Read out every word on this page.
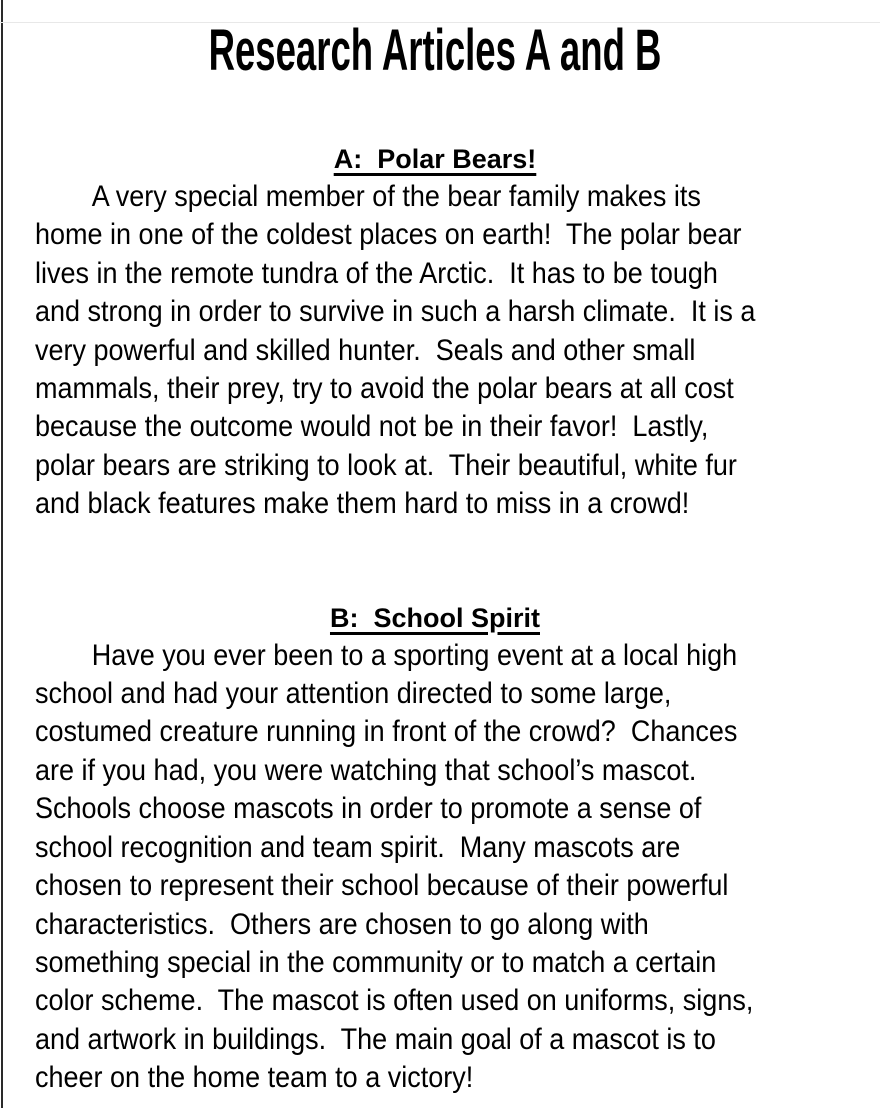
Research Articles A and B
A:  Polar Bears!
A very special member of the bear family makes its
home in one of the coldest places on earth!  The polar bear
lives in the remote tundra of the Arctic.  It has to be tough
and strong in order to survive in such a harsh climate.  It is a
very powerful and skilled hunter.  Seals and other small
mammals, their prey, try to avoid the polar bears at all cost
because the outcome would not be in their favor!  Lastly,
polar bears are striking to look at.  Their beautiful, white fur
and black features make them hard to miss in a crowd!
B:  School Spirit
Have you ever been to a sporting event at a local high
school and had your attention directed to some large,
costumed creature running in front of the crowd?  Chances
are if you had, you were watching that school’s mascot.
Schools choose mascots in order to promote a sense of
school recognition and team spirit.  Many mascots are
chosen to represent their school because of their powerful
characteristics.  Others are chosen to go along with
something special in the community or to match a certain
color scheme.  The mascot is often used on uniforms, signs,
and artwork in buildings.  The main goal of a mascot is to
cheer on the home team to a victory!
